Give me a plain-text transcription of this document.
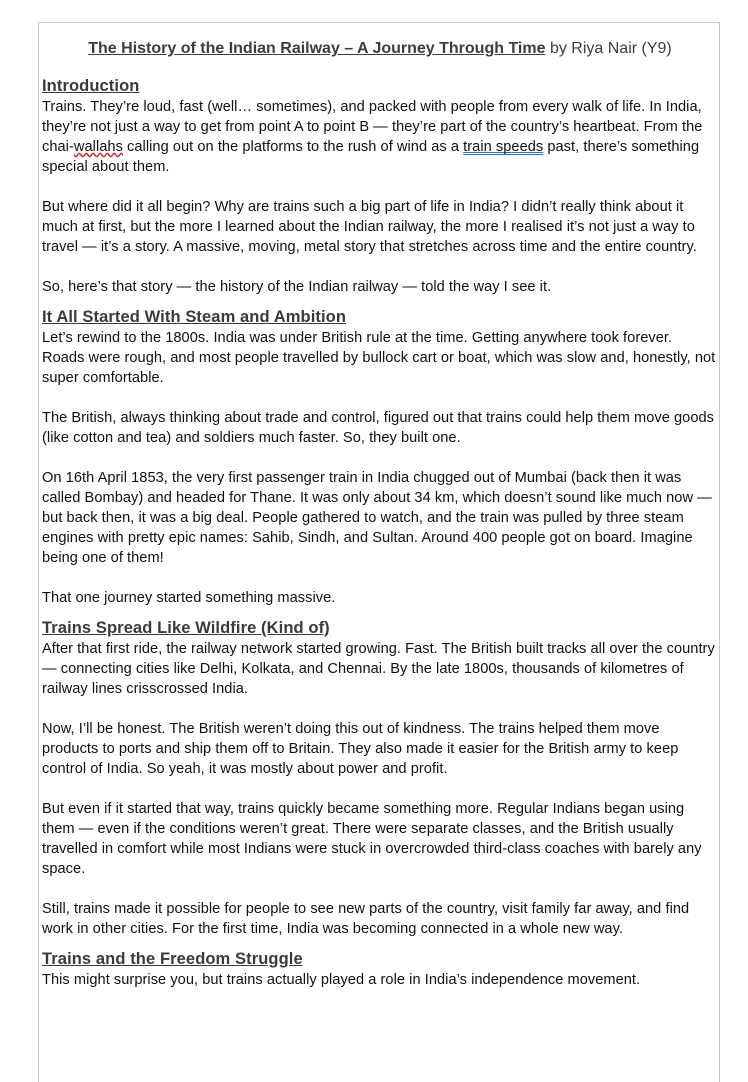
The History of the Indian Railway – A Journey Through Time by Riya Nair (Y9)
Introduction

Trains. They’re loud, fast (well… sometimes), and packed with people from every walk of life. In India, they’re not just a way to get from point A to point B — they’re part of the country’s heartbeat. From the chai-wallahs calling out on the platforms to the rush of wind as a train speeds past, there’s something special about them.

But where did it all begin? Why are trains such a big part of life in India? I didn’t really think about it much at first, but the more I learned about the Indian railway, the more I realised it’s not just a way to travel — it’s a story. A massive, moving, metal story that stretches across time and the entire country.

So, here’s that story — the history of the Indian railway — told the way I see it.

It All Started With Steam and Ambition

Let’s rewind to the 1800s. India was under British rule at the time. Getting anywhere took forever. Roads were rough, and most people travelled by bullock cart or boat, which was slow and, honestly, not super comfortable.

The British, always thinking about trade and control, figured out that trains could help them move goods (like cotton and tea) and soldiers much faster. So, they built one.

On 16th April 1853, the very first passenger train in India chugged out of Mumbai (back then it was called Bombay) and headed for Thane. It was only about 34 km, which doesn’t sound like much now — but back then, it was a big deal. People gathered to watch, and the train was pulled by three steam engines with pretty epic names: Sahib, Sindh, and Sultan. Around 400 people got on board. Imagine being one of them!

That one journey started something massive.

Trains Spread Like Wildfire (Kind of)

After that first ride, the railway network started growing. Fast. The British built tracks all over the country — connecting cities like Delhi, Kolkata, and Chennai. By the late 1800s, thousands of kilometres of railway lines crisscrossed India.

Now, I’ll be honest. The British weren’t doing this out of kindness. The trains helped them move products to ports and ship them off to Britain. They also made it easier for the British army to keep control of India. So yeah, it was mostly about power and profit.

But even if it started that way, trains quickly became something more. Regular Indians began using them — even if the conditions weren’t great. There were separate classes, and the British usually travelled in comfort while most Indians were stuck in overcrowded third-class coaches with barely any space.

Still, trains made it possible for people to see new parts of the country, visit family far away, and find work in other cities. For the first time, India was becoming connected in a whole new way.

Trains and the Freedom Struggle

This might surprise you, but trains actually played a role in India’s independence movement.
